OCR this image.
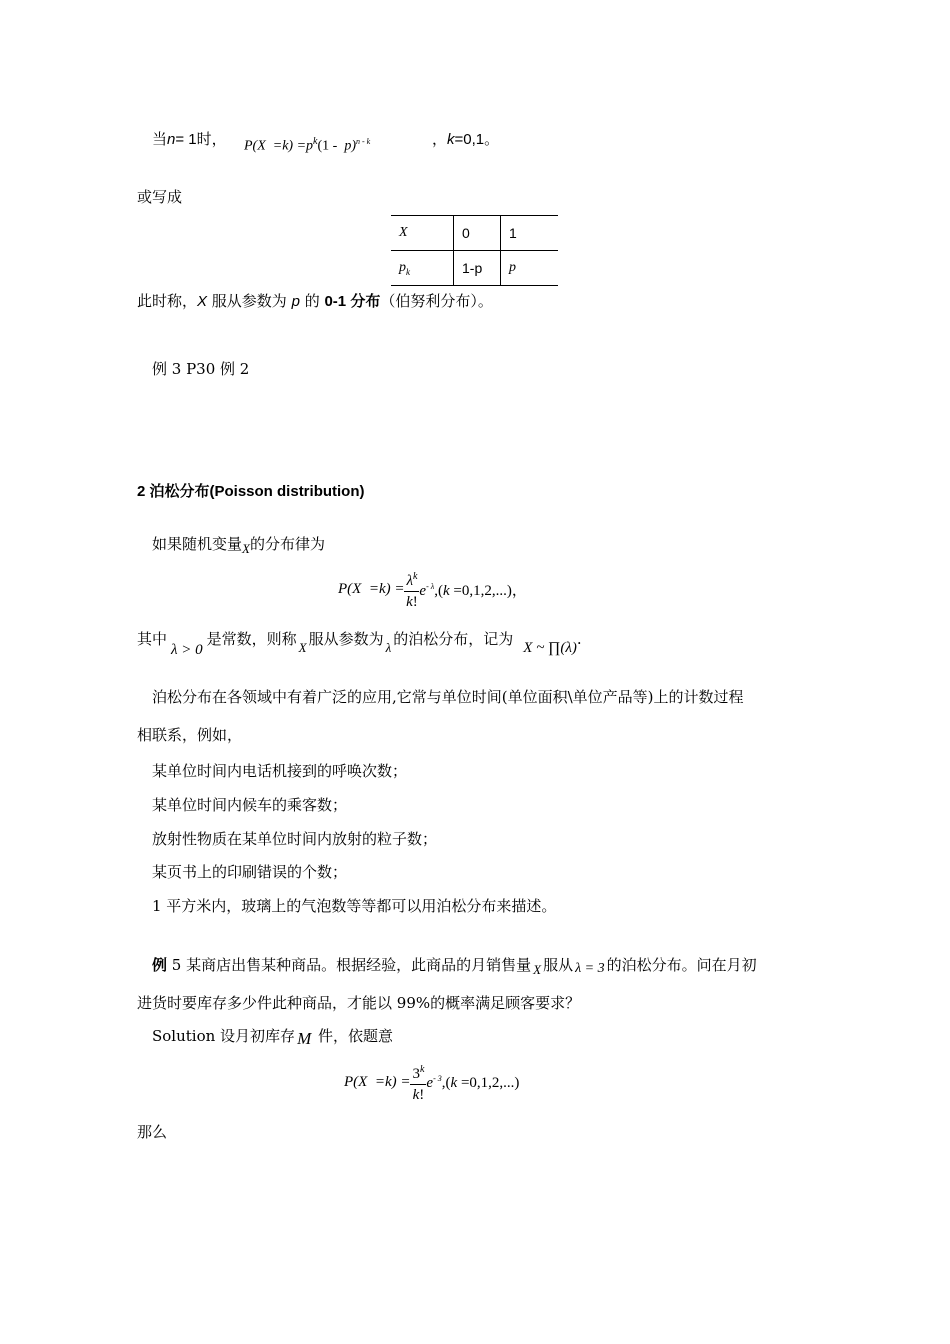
当n= 1时， $P(X =k) =p^k(1 - p)^{n - k}$	，k=0,1。
或写成
X	0	1
$p_k$	1-p	p
此时称，X 服从参数为 p 的 0-1 分布（伯努利分布）。
例 3 P30 例 2
2 泊松分布(Poisson distribution)
如果随机变量X的分布律为
$P(X =k) = \frac{\lambda^k}{k!} e^{- \lambda},(k =0,1,2,...)$，
其中λ > 0是常数，则称 X 服从参数为 λ 的泊松分布，记为 X ~ ∏(λ).
泊松分布在各领域中有着广泛的应用,它常与单位时间(单位面积\单位产品等)上的计数过程
相联系，例如，
某单位时间内电话机接到的呼唤次数；
某单位时间内候车的乘客数；
放射性物质在某单位时间内放射的粒子数；
某页书上的印刷错误的个数；
1 平方米内，玻璃上的气泡数等等都可以用泊松分布来描述。
例 5 某商店出售某种商品。根据经验，此商品的月销售量 X 服从 λ = 3 的泊松分布。问在月初
进货时要库存多少件此种商品，才能以 99%的概率满足顾客要求？
Solution 设月初库存 M 件，依题意
$P(X =k) = \frac{3^k}{k!} e^{- 3},(k =0,1,2,...)$
那么
